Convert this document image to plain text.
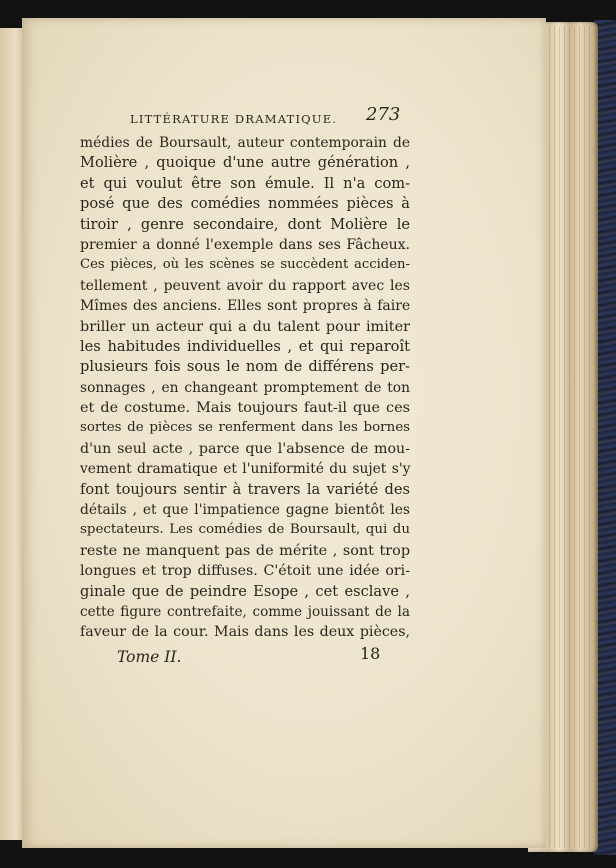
LITTÉRATURE DRAMATIQUE.	273
médies de Boursault, auteur contemporain de
Molière , quoique d'une autre génération ,
et qui voulut être son émule. Il n'a com-
posé que des comédies nommées pièces à
tiroir , genre secondaire, dont Molière le
premier a donné l'exemple dans ses Fâcheux.
Ces pièces, où les scènes se succèdent acciden-
tellement , peuvent avoir du rapport avec les
Mîmes des anciens. Elles sont propres à faire
briller un acteur qui a du talent pour imiter
les habitudes individuelles , et qui reparoît
plusieurs fois sous le nom de différens per-
sonnages , en changeant promptement de ton
et de costume. Mais toujours faut-il que ces
sortes de pièces se renferment dans les bornes
d'un seul acte , parce que l'absence de mou-
vement dramatique et l'uniformité du sujet s'y
font toujours sentir à travers la variété des
détails , et que l'impatience gagne bientôt les
spectateurs. Les comédies de Boursault, qui du
reste ne manquent pas de mérite , sont trop
longues et trop diffuses. C'étoit une idée ori-
ginale que de peindre Esope , cet esclave ,
cette figure contrefaite, comme jouissant de la
faveur de la cour. Mais dans les deux pièces,
Tome II.	18
